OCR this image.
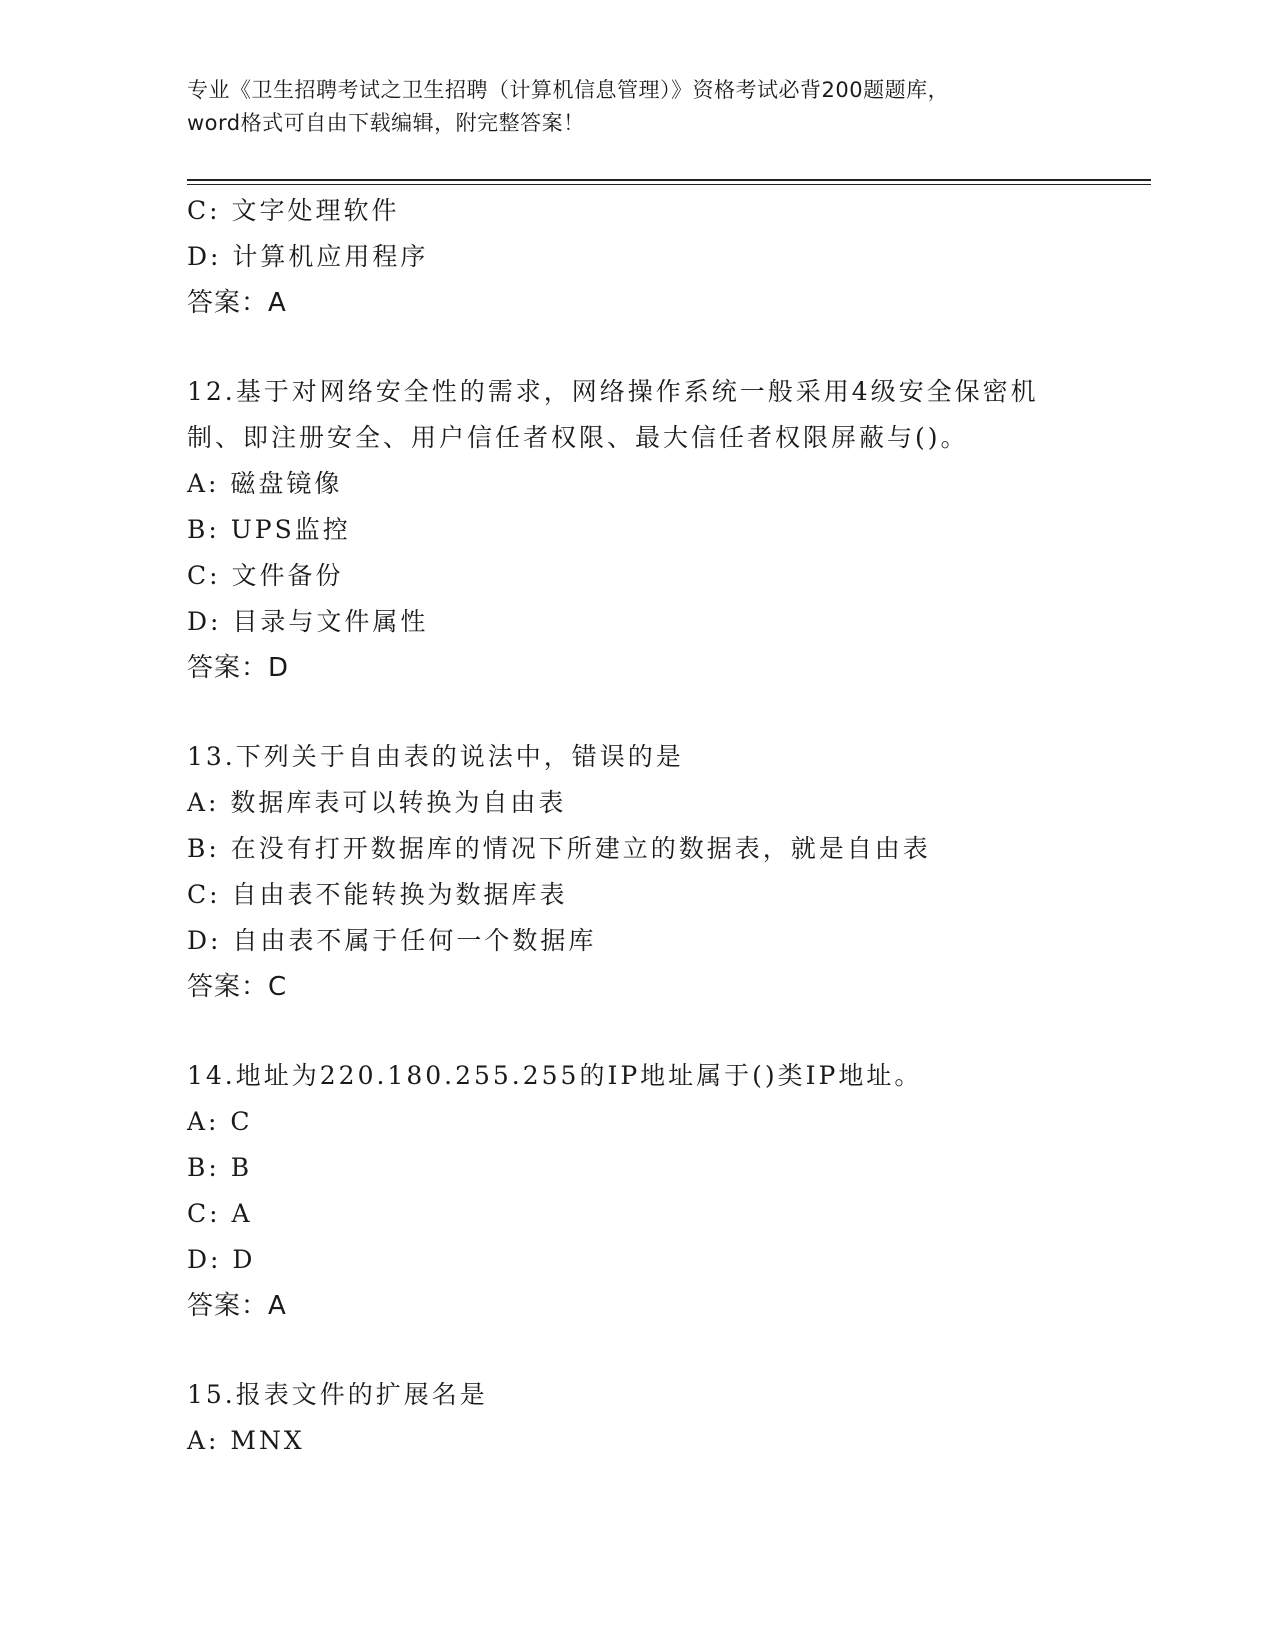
专业《卫生招聘考试之卫生招聘（计算机信息管理）》资格考试必背200题题库，
word格式可自由下载编辑，附完整答案！
C: 文字处理软件
D: 计算机应用程序
答案：A
12.基于对网络安全性的需求，网络操作系统一般采用4级安全保密机
制、即注册安全、用户信任者权限、最大信任者权限屏蔽与()。
A: 磁盘镜像
B: UPS监控
C: 文件备份
D: 目录与文件属性
答案：D
13.下列关于自由表的说法中，错误的是
A: 数据库表可以转换为自由表
B: 在没有打开数据库的情况下所建立的数据表，就是自由表
C: 自由表不能转换为数据库表
D: 自由表不属于任何一个数据库
答案：C
14.地址为220.180.255.255的IP地址属于()类IP地址。
A: C
B: B
C: A
D: D
答案：A
15.报表文件的扩展名是
A: MNX
